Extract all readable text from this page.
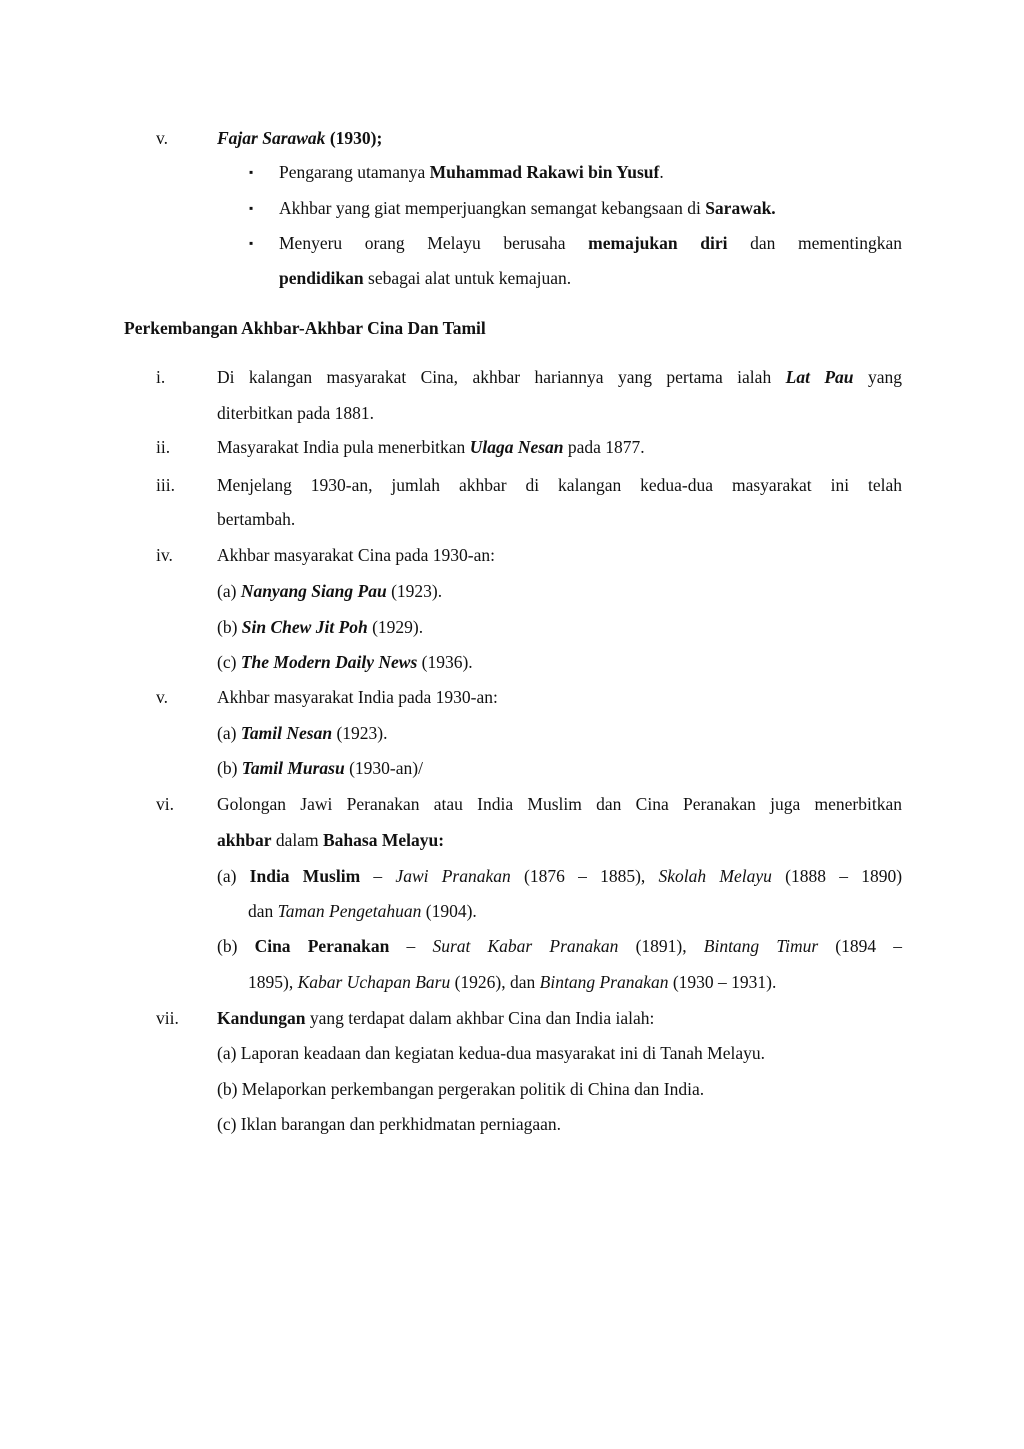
v.	Fajar Sarawak (1930);
▪ Pengarang utamanya Muhammad Rakawi bin Yusuf.
▪ Akhbar yang giat memperjuangkan semangat kebangsaan di Sarawak.
▪ Menyeru orang Melayu berusaha memajukan diri dan mementingkan
pendidikan sebagai alat untuk kemajuan.
Perkembangan Akhbar-Akhbar Cina Dan Tamil
i.	Di kalangan masyarakat Cina, akhbar hariannya yang pertama ialah Lat Pau yang
diterbitkan pada 1881.
ii.	Masyarakat India pula menerbitkan Ulaga Nesan pada 1877.
iii. Menjelang 1930-an, jumlah akhbar di kalangan kedua-dua masyarakat ini telah
bertambah.
iv.	Akhbar masyarakat Cina pada 1930-an:
(a) Nanyang Siang Pau (1923).
(b) Sin Chew Jit Poh (1929).
(c) The Modern Daily News (1936).
v.	Akhbar masyarakat India pada 1930-an:
(a) Tamil Nesan (1923).
(b) Tamil Murasu (1930-an)/
vi. Golongan Jawi Peranakan atau India Muslim dan Cina Peranakan juga menerbitkan
akhbar dalam Bahasa Melayu:
(a) India Muslim – Jawi Pranakan (1876 – 1885), Skolah Melayu (1888 – 1890)
dan Taman Pengetahuan (1904).
(b) Cina Peranakan – Surat Kabar Pranakan (1891), Bintang Timur (1894 –
1895), Kabar Uchapan Baru (1926), dan Bintang Pranakan (1930 – 1931).
vii. Kandungan yang terdapat dalam akhbar Cina dan India ialah:
(a) Laporan keadaan dan kegiatan kedua-dua masyarakat ini di Tanah Melayu.
(b) Melaporkan perkembangan pergerakan politik di China dan India.
(c) Iklan barangan dan perkhidmatan perniagaan.
